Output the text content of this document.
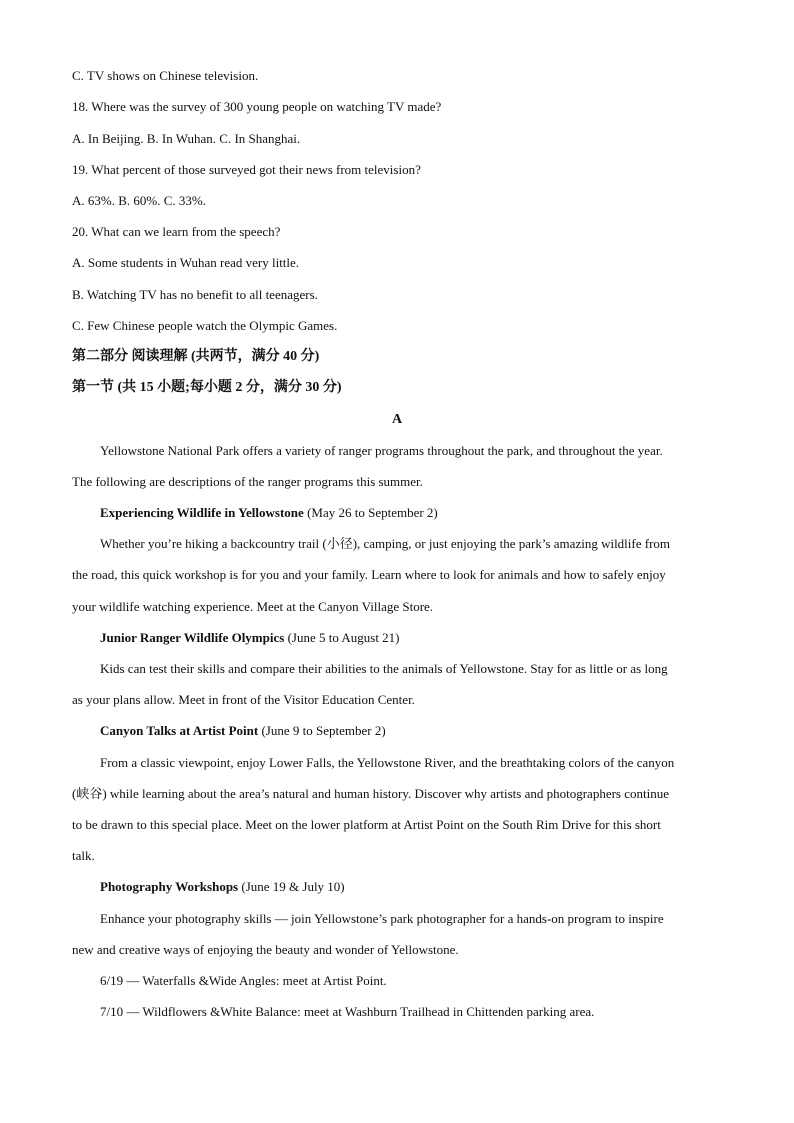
C. TV shows on Chinese television.
18. Where was the survey of 300 young people on watching TV made?
A. In Beijing. B. In Wuhan. C. In Shanghai.
19. What percent of those surveyed got their news from television?
A. 63%. B. 60%. C. 33%.
20. What can we learn from the speech?
A. Some students in Wuhan read very little.
B. Watching TV has no benefit to all teenagers.
C. Few Chinese people watch the Olympic Games.
第二部分 阅读理解 (共两节，满分 40 分)
第一节 (共 15 小题;每小题 2 分，满分 30 分)
A
Yellowstone National Park offers a variety of ranger programs throughout the park, and throughout the year.
The following are descriptions of the ranger programs this summer.
Experiencing Wildlife in Yellowstone (May 26 to September 2)
Whether you’re hiking a backcountry trail (小径), camping, or just enjoying the park’s amazing wildlife from
the road, this quick workshop is for you and your family. Learn where to look for animals and how to safely enjoy
your wildlife watching experience. Meet at the Canyon Village Store.
Junior Ranger Wildlife Olympics (June 5 to August 21)
Kids can test their skills and compare their abilities to the animals of Yellowstone. Stay for as little or as long
as your plans allow. Meet in front of the Visitor Education Center.
Canyon Talks at Artist Point (June 9 to September 2)
From a classic viewpoint, enjoy Lower Falls, the Yellowstone River, and the breathtaking colors of the canyon
(峡谷) while learning about the area’s natural and human history. Discover why artists and photographers continue
to be drawn to this special place. Meet on the lower platform at Artist Point on the South Rim Drive for this short
talk.
Photography Workshops (June 19 & July 10)
Enhance your photography skills — join Yellowstone’s park photographer for a hands-on program to inspire
new and creative ways of enjoying the beauty and wonder of Yellowstone.
6/19 — Waterfalls &Wide Angles: meet at Artist Point.
7/10 — Wildflowers &White Balance: meet at Washburn Trailhead in Chittenden parking area.
